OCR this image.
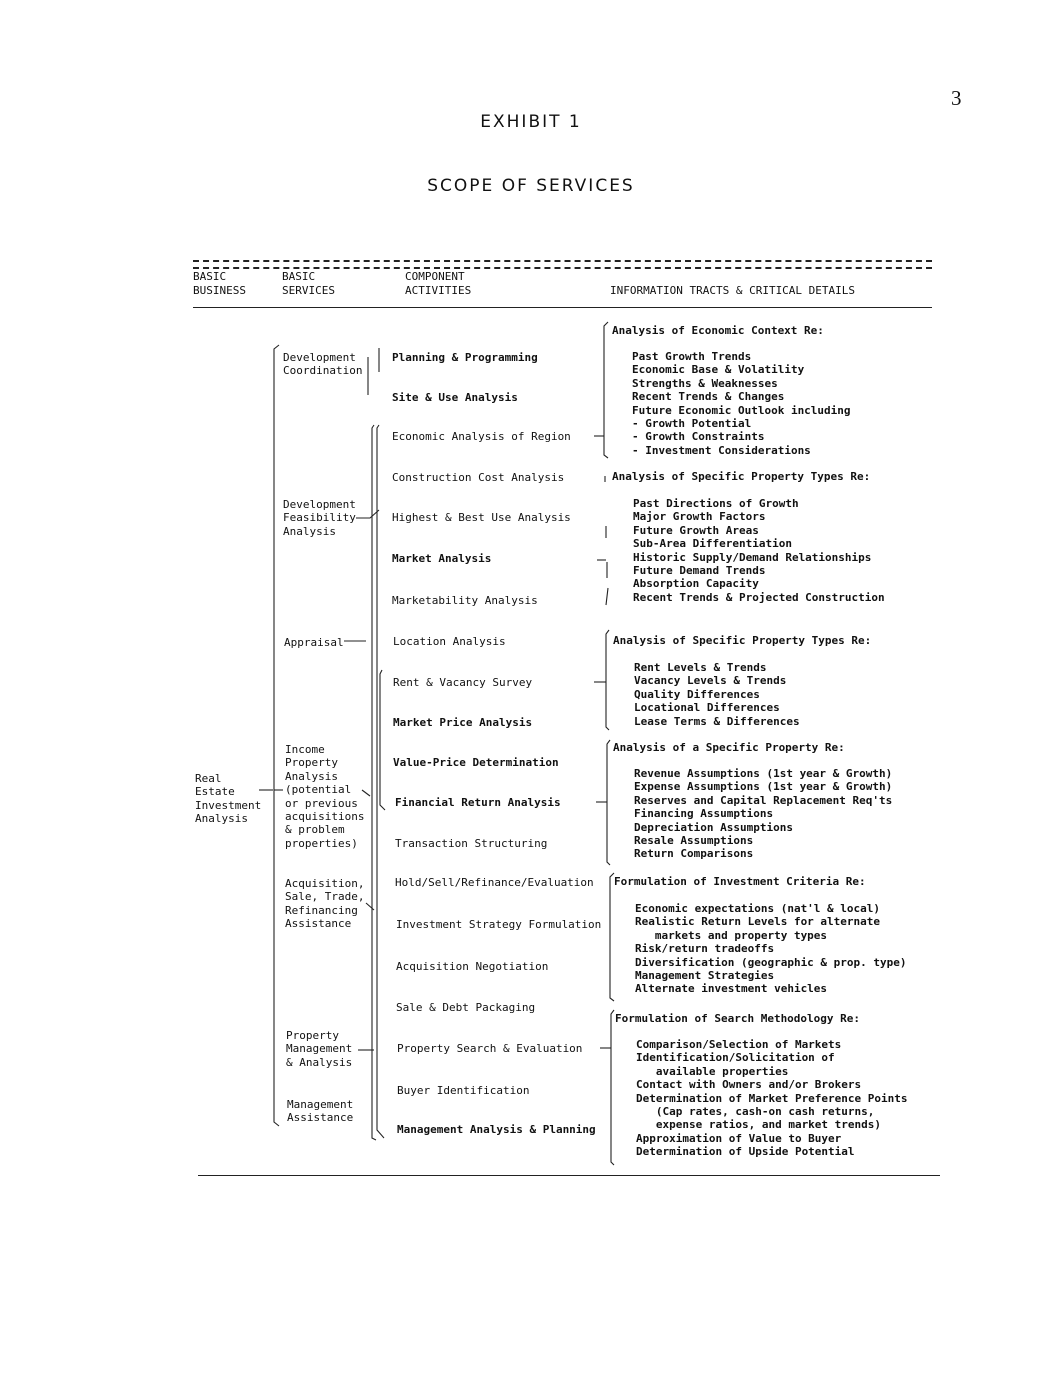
3
EXHIBIT 1
SCOPE OF SERVICES
BASIC
BUSINESS
BASIC
SERVICES
COMPONENT
ACTIVITIES	INFORMATION TRACTS & CRITICAL DETAILS
Real
Estate
Investment
Analysis
Development
Coordination
Development
Feasibility
Analysis
Appraisal
Income
Property
Analysis
(potential
or previous
acquisitions
& problem
properties)
Acquisition,
Sale, Trade,
Refinancing
Assistance
Property
Management
& Analysis
Management
Assistance
Planning & Programming
Site & Use Analysis
Economic Analysis of Region
Construction Cost Analysis
Highest & Best Use Analysis
Market Analysis
Marketability Analysis
Location Analysis
Rent & Vacancy Survey
Market Price Analysis
Value-Price Determination
Financial Return Analysis
Transaction Structuring
Hold/Sell/Refinance/Evaluation
Investment Strategy Formulation
Acquisition Negotiation
Sale & Debt Packaging
Property Search & Evaluation
Buyer Identification
Management Analysis & Planning
Analysis of Economic Context Re:
Past Growth Trends
Economic Base & Volatility
Strengths & Weaknesses
Recent Trends & Changes
Future Economic Outlook including
- Growth Potential
- Growth Constraints
- Investment Considerations
Analysis of Specific Property Types Re:
Past Directions of Growth
Major Growth Factors
Future Growth Areas
Sub-Area Differentiation
Historic Supply/Demand Relationships
Future Demand Trends
Absorption Capacity
Recent Trends & Projected Construction
Analysis of Specific Property Types Re:
Rent Levels & Trends
Vacancy Levels & Trends
Quality Differences
Locational Differences
Lease Terms & Differences
Analysis of a Specific Property Re:
Revenue Assumptions (1st year & Growth)
Expense Assumptions (1st year & Growth)
Reserves and Capital Replacement Req'ts
Financing Assumptions
Depreciation Assumptions
Resale Assumptions
Return Comparisons
Formulation of Investment Criteria Re:
Economic expectations (nat'l & local)
Realistic Return Levels for alternate
markets and property types
Risk/return tradeoffs
Diversification (geographic & prop. type)
Management Strategies
Alternate investment vehicles
Formulation of Search Methodology Re:
Comparison/Selection of Markets
Identification/Solicitation of
available properties
Contact with Owners and/or Brokers
Determination of Market Preference Points
(Cap rates, cash-on cash returns,
expense ratios, and market trends)
Approximation of Value to Buyer
Determination of Upside Potential
